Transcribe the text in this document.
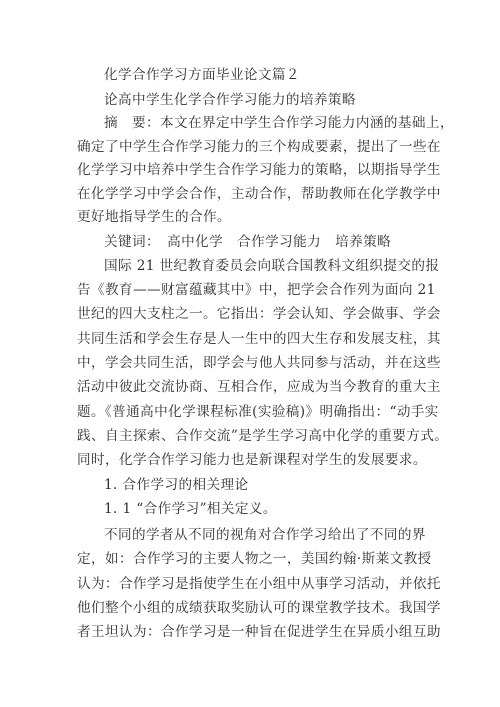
化学合作学习方面毕业论文篇２
论高中学生化学合作学习能力的培养策略
摘　要：本文在界定中学生合作学习能力内涵的基础上，
确定了中学生合作学习能力的三个构成要素，提出了一些在
化学学习中培养中学生合作学习能力的策略，以期指导学生
在化学学习中学会合作，主动合作，帮助教师在化学教学中
更好地指导学生的合作。
关键词：　高中化学　合作学习能力　培养策略
国际 21 世纪教育委员会向联合国教科文组织提交的报
告《教育——财富蕴藏其中》中，把学会合作列为面向 21
世纪的四大支柱之一。它指出：学会认知、学会做事、学会
共同生活和学会生存是人一生中的四大生存和发展支柱，其
中，学会共同生活，即学会与他人共同参与活动，并在这些
活动中彼此交流协商、互相合作，应成为当今教育的重大主
题。《普通高中化学课程标准(实验稿)》明确指出：“动手实
践、自主探索、合作交流”是学生学习高中化学的重要方式。
同时，化学合作学习能力也是新课程对学生的发展要求。
1. 合作学习的相关理论
1. 1 “合作学习”相关定义。
不同的学者从不同的视角对合作学习给出了不同的界
定，如：合作学习的主要人物之一，美国约翰·斯莱文教授
认为：合作学习是指使学生在小组中从事学习活动，并依托
他们整个小组的成绩获取奖励认可的课堂教学技术。我国学
者王坦认为：合作学习是一种旨在促进学生在异质小组互助
